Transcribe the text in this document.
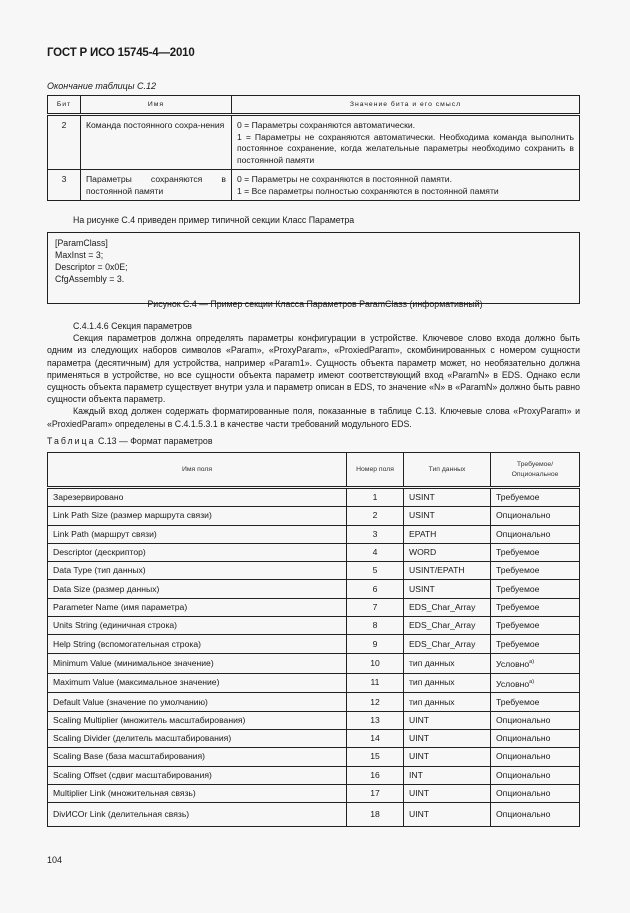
ГОСТ Р ИСО 15745-4—2010
Окончание таблицы С.12
Бит	Имя	Значение бита и его смысл
2	Команда постоянного сохра-нения	0 = Параметры сохраняются автоматически.
1 = Параметры не сохраняются автоматически. Необходима команда выполнить постоянное сохранение, когда желательные параметры необходимо сохранить в постоянной памяти

3	Параметры сохраняются в постоянной памяти	0 = Параметры не сохраняются в постоянной памяти.
1 = Все параметры полностью сохраняются в постоянной памяти
На рисунке С.4 приведен пример типичной секции Класс Параметра
[ParamClass]
MaxInst = 3;
Descriptor = 0x0E;
CfgAssembly = 3.
Рисунок С.4 — Пример секции Класса Параметров ParamClass (информативный)

С.4.1.4.6 Секция параметров

Секция параметров должна определять параметры конфигурации в устройстве. Ключевое слово входа должно быть одним из следующих наборов символов «Param», «ProxyParam», «ProxiedParam», скомбинированных с номером сущности параметра (десятичным) для устройства, например «Param1». Сущность объекта параметр может, но необязательно должна применяться в устройстве, но все сущности объекта параметр имеют соответствующий вход «ParamN» в EDS. Однако если сущность объекта параметр существует внутри узла и параметр описан в EDS, то значение «N» в «ParamN» должно быть равно сущности объекта параметр.

Каждый вход должен содержать форматированные поля, показанные в таблице С.13. Ключевые слова «ProxyParam» и «ProxiedParam» определены в С.4.1.5.3.1 в качестве части требований модульного EDS.

Таблица С.13 — Формат параметров
Имя поля	Номер поля	Тип данных	Требуемое/ Опциональное
Зарезервировано	1	USINT	Требуемое
Link Path Size (размер маршрута связи)	2	USINT	Опционально
Link Path (маршрут связи)	3	EPATH	Опционально
Descriptor (дескриптор)	4	WORD	Требуемое
Data Type (тип данных)	5	USINT/EPATH	Требуемое
Data Size (размер данных)	6	USINT	Требуемое
Parameter Name (имя параметра)	7	EDS_Char_Array	Требуемое
Units String (единичная строка)	8	EDS_Char_Array	Требуемое
Help String (вспомогательная строка)	9	EDS_Char_Array	Требуемое
Minimum Value (минимальное значение)	10	тип данных	Условно$^{а)}$
Maximum Value (максимальное значение)	11	тип данных	Условно$^{а)}$
Default Value (значение по умолчанию)	12	тип данных	Требуемое
Scaling Multiplier (множитель масштабирования)	13	UINT	Опционально
Scaling Divider (делитель масштабирования)	14	UINT	Опционально
Scaling Base (база масштабирования)	15	UINT	Опционально
Scaling Offset (сдвиг масштабирования)	16	INT	Опционально
Multiplier Link (множительная связь)	17	UINT	Опционально
DivИСOr Link (делительная связь)	18	UINT	Опционально
104
